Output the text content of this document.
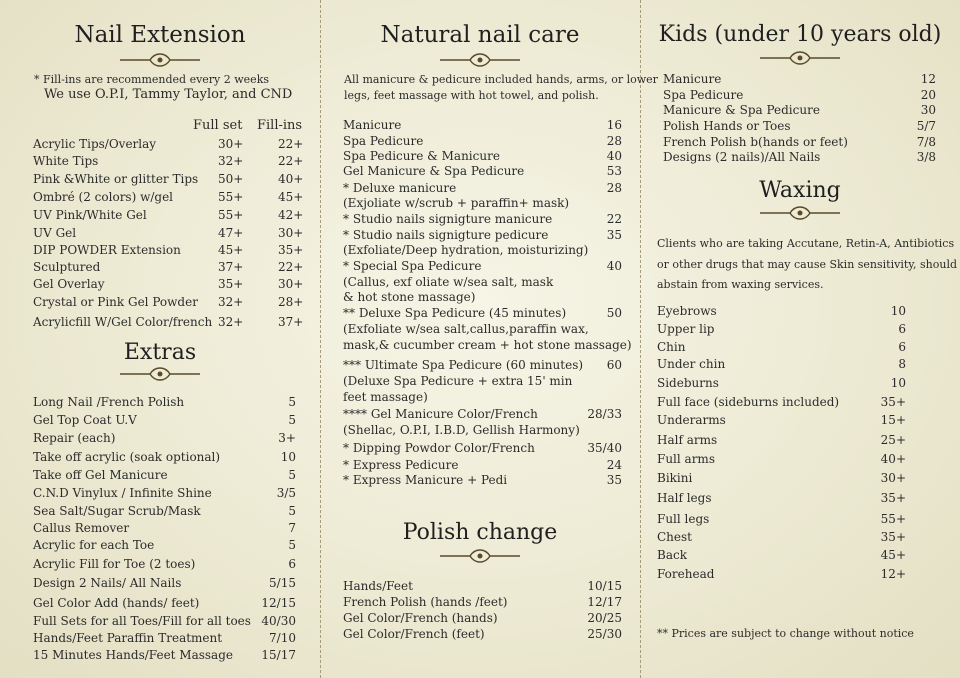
Nail Extension
* Fill-ins are recommended every 2 weeks
We use O.P.I, Tammy Taylor, and CND
Full set Fill-ins
Acrylic Tips/Overlay	30+	22+
White Tips	32+	22+
Pink &White or glitter Tips 50+	40+
Ombré (2 colors) w/gel	55+	45+
UV Pink/White Gel	55+	42+
UV Gel	47+	30+
DIP POWDER Extension	45+	35+
Sculptured	37+	22+
Gel Overlay	35+	30+
Crystal or Pink Gel Powder 32+	28+
Acrylicfill W/Gel Color/french 32+	37+
Extras
Long Nail /French Polish	5
Gel Top Coat U.V	5
Repair (each)	3+
Take off acrylic (soak optional)	10
Take off Gel Manicure	5
C.N.D Vinylux / Infinite Shine	3/5
Sea Salt/Sugar Scrub/Mask	5
Callus Remover	7
Acrylic for each Toe	5
Acrylic Fill for Toe (2 toes)	6
Design 2 Nails/ All Nails	5/15
Gel Color Add (hands/ feet)	12/15
Full Sets for all Toes/Fill for all toes 40/30
Hands/Feet Paraffin Treatment	7/10
15 Minutes Hands/Feet Massage 15/17
Natural nail care
All manicure & pedicure included hands, arms, or lower
legs, feet massage with hot towel, and polish.
Manicure	16
Spa Pedicure	28
Spa Pedicure & Manicure	40
Gel Manicure & Spa Pedicure	53
* Deluxe manicure	28
(Exjoliate w/scrub + paraffin+ mask)
* Studio nails signigture manicure	22
* Studio nails signigture pedicure	35
(Exfoliate/Deep hydration, moisturizing)
* Special Spa Pedicure	40
(Callus, exf oliate w/sea salt, mask
& hot stone massage)
** Deluxe Spa Pedicure (45 minutes)	50
(Exfoliate w/sea salt,callus,paraffin wax,
mask,& cucumber cream + hot stone massage)
*** Ultimate Spa Pedicure (60 minutes) 60
(Deluxe Spa Pedicure + extra 15' min
feet massage)
**** Gel Manicure Color/French	28/33
(Shellac, O.P.I, I.B.D, Gellish Harmony)
* Dipping Powdor Color/French	35/40
* Express Pedicure	24
* Express Manicure + Pedi	35
Polish change
Hands/Feet	10/15
French Polish (hands /feet)	12/17
Gel Color/French (hands)	20/25
Gel Color/French (feet)	25/30
Kids (under 10 years old)
Manicure	12
Spa Pedicure	20
Manicure & Spa Pedicure	30
Polish Hands or Toes	5/7
French Polish b(hands or feet)	7/8
Designs (2 nails)/All Nails	3/8
Waxing
Clients who are taking Accutane, Retin-A, Antibiotics
or other drugs that may cause Skin sensitivity, should
abstain from waxing services.
Eyebrows	10
Upper lip	6
Chin	6
Under chin	8
Sideburns	10
Full face (sideburns included)	35+
Underarms	15+
Half arms	25+
Full arms	40+
Bikini	30+
Half legs	35+
Full legs	55+
Chest	35+
Back	45+
Forehead	12+
** Prices are subject to change without notice
